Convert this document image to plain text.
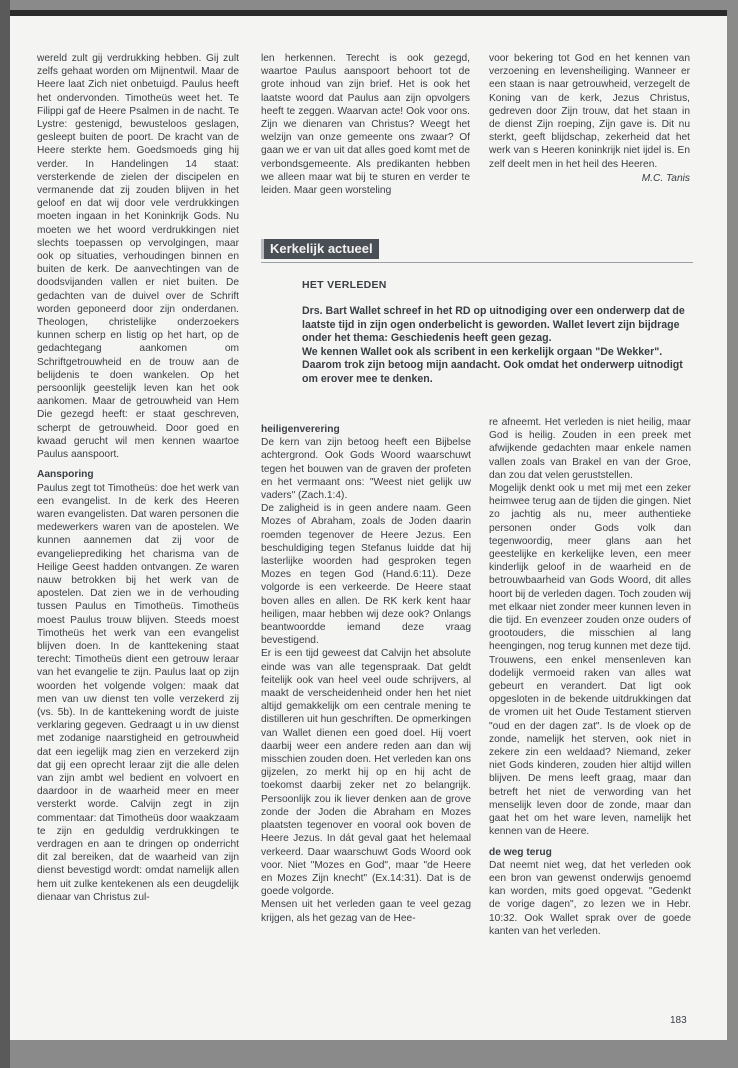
wereld zult gij verdrukking hebben. Gij zult zelfs gehaat worden om Mijnentwil. Maar de Heere laat Zich niet onbetuigd. Paulus heeft het ondervonden. Timotheüs weet het. Te Filippi gaf de Heere Psalmen in de nacht. Te Lystre: gestenigd, bewusteloos geslagen, gesleept buiten de poort. De kracht van de Heere sterkte hem. Goedsmoeds ging hij verder. In Handelingen 14 staat: versterkende de zielen der discipelen en vermanende dat zij zouden blijven in het geloof en dat wij door vele verdrukkingen moeten ingaan in het Koninkrijk Gods. Nu moeten we het woord verdrukkingen niet slechts toepassen op vervolgingen, maar ook op situaties, verhoudingen binnen en buiten de kerk. De aanvechtingen van de doodsvijanden vallen er niet buiten. De gedachten van de duivel over de Schrift worden geponeerd door zijn onderdanen. Theologen, christelijke onderzoekers kunnen scherp en listig op het hart, op de gedachtegang aankomen om Schriftgetrouwheid en de trouw aan de belijdenis te doen wankelen. Op het persoonlijk geestelijk leven kan het ook aankomen. Maar de getrouwheid van Hem Die gezegd heeft: er staat geschreven, scherpt de getrouwheid. Door goed en kwaad gerucht wil men kennen waartoe Paulus aanspoort.

Aansporing

Paulus zegt tot Timotheüs: doe het werk van een evangelist. In de kerk des Heeren waren evangelisten. Dat waren personen die medewerkers waren van de apostelen. We kunnen aannemen dat zij voor de evangelieprediking het charisma van de Heilige Geest hadden ontvangen. Ze waren nauw betrokken bij het werk van de apostelen. Dat zien we in de verhouding tussen Paulus en Timotheüs. Timotheüs moest Paulus trouw blijven. Steeds moest Timotheüs het werk van een evangelist blijven doen. In de kanttekening staat terecht: Timotheüs dient een getrouw leraar van het evangelie te zijn. Paulus laat op zijn woorden het volgende volgen: maak dat men van uw dienst ten volle verzekerd zij (vs. 5b). In de kanttekening wordt de juiste verklaring gegeven. Gedraagt u in uw dienst met zodanige naarstigheid en getrouwheid dat een iegelijk mag zien en verzekerd zijn dat gij een oprecht leraar zijt die alle delen van zijn ambt wel bedient en volvoert en daardoor in de waarheid meer en meer versterkt worde. Calvijn zegt in zijn commentaar: dat Timotheüs door waakzaam te zijn en geduldig verdrukkingen te verdragen en aan te dringen op onderricht dit zal bereiken, dat de waarheid van zijn dienst bevestigd wordt: omdat namelijk allen hem uit zulke kentekenen als een deugdelijk dienaar van Christus zul-

len herkennen. Terecht is ook gezegd, waartoe Paulus aanspoort behoort tot de grote inhoud van zijn brief. Het is ook het laatste woord dat Paulus aan zijn opvolgers heeft te zeggen. Waarvan acte! Ook voor ons. Zijn we dienaren van Christus? Weegt het welzijn van onze gemeente ons zwaar? Of gaan we er van uit dat alles goed komt met de verbondsgemeente. Als predikanten hebben we alleen maar wat bij te sturen en verder te leiden. Maar geen worsteling

voor bekering tot God en het kennen van verzoening en levensheiliging. Wanneer er een staan is naar getrouwheid, verzegelt de Koning van de kerk, Jezus Christus, gedreven door Zijn trouw, dat het staan in de dienst Zijn roeping, Zijn gave is. Dit nu sterkt, geeft blijdschap, zekerheid dat het werk van s Heeren koninkrijk niet ijdel is. En zelf deelt men in het heil des Heeren.

M.C. Tanis

Kerkelijk actueel
HET VERLEDEN

Drs. Bart Wallet schreef in het RD op uitnodiging over een onderwerp dat de laatste tijd in zijn ogen onderbelicht is geworden. Wallet levert zijn bijdrage onder het thema: Geschiedenis heeft geen gezag.

We kennen Wallet ook als scribent in een kerkelijk orgaan "De Wekker". Daarom trok zijn betoog mijn aandacht. Ook omdat het onderwerp uitnodigt om erover mee te denken.

heiligenverering

De kern van zijn betoog heeft een Bijbelse achtergrond. Ook Gods Woord waarschuwt tegen het bouwen van de graven der profeten en het vermaant ons: "Weest niet gelijk uw vaders" (Zach.1:4).

De zaligheid is in geen andere naam. Geen Mozes of Abraham, zoals de Joden daarin roemden tegenover de Heere Jezus. Een beschuldiging tegen Stefanus luidde dat hij lasterlijke woorden had gesproken tegen Mozes en tegen God (Hand.6:11). Deze volgorde is een verkeerde. De Heere staat boven alles en allen. De RK kerk kent haar heiligen, maar hebben wij deze ook? Onlangs beantwoordde iemand deze vraag bevestigend.

Er is een tijd geweest dat Calvijn het absolute einde was van alle tegenspraak. Dat geldt feitelijk ook van heel veel oude schrijvers, al maakt de verscheidenheid onder hen het niet altijd gemakkelijk om een centrale mening te distilleren uit hun geschriften. De opmerkingen van Wallet dienen een goed doel. Hij voert daarbij weer een andere reden aan dan wij misschien zouden doen. Het verleden kan ons gijzelen, zo merkt hij op en hij acht de toekomst daarbij zeker net zo belangrijk. Persoonlijk zou ik liever denken aan de grove zonde der Joden die Abraham en Mozes plaatsten tegenover en vooral ook boven de Heere Jezus. In dát geval gaat het helemaal verkeerd. Daar waarschuwt Gods Woord ook voor. Niet "Mozes en God", maar "de Heere en Mozes Zijn knecht" (Ex.14:31). Dat is de goede volgorde.

Mensen uit het verleden gaan te veel gezag krijgen, als het gezag van de Hee-

re afneemt. Het verleden is niet heilig, maar God is heilig. Zouden in een preek met afwijkende gedachten maar enkele namen vallen zoals van Brakel en van der Groe, dan zou dat velen geruststellen.

Mogelijk denkt ook u met mij met een zeker heimwee terug aan de tijden die gingen. Niet zo jachtig als nu, meer authentieke personen onder Gods volk dan tegenwoordig, meer glans aan het geestelijke en kerkelijke leven, een meer kinderlijk geloof in de waarheid en de betrouwbaarheid van Gods Woord, dit alles hoort bij de verleden dagen. Toch zouden wij met elkaar niet zonder meer kunnen leven in die tijd. En evenzeer zouden onze ouders of grootouders, die misschien al lang heengingen, nog terug kunnen met deze tijd. Trouwens, een enkel mensenleven kan dodelijk vermoeid raken van alles wat gebeurt en verandert. Dat ligt ook opgesloten in de bekende uitdrukkingen dat de vromen uit het Oude Testament stierven "oud en der dagen zat". Is de vloek op de zonde, namelijk het sterven, ook niet in zekere zin een weldaad? Niemand, zeker niet Gods kinderen, zouden hier altijd willen blijven. De mens leeft graag, maar dan betreft het niet de verwording van het menselijk leven door de zonde, maar dan gaat het om het ware leven, namelijk het kennen van de Heere.

de weg terug

Dat neemt niet weg, dat het verleden ook een bron van gewenst onderwijs genoemd kan worden, mits goed opgevat. "Gedenkt de vorige dagen", zo lezen we in Hebr. 10:32. Ook Wallet sprak over de goede kanten van het verleden.

183
